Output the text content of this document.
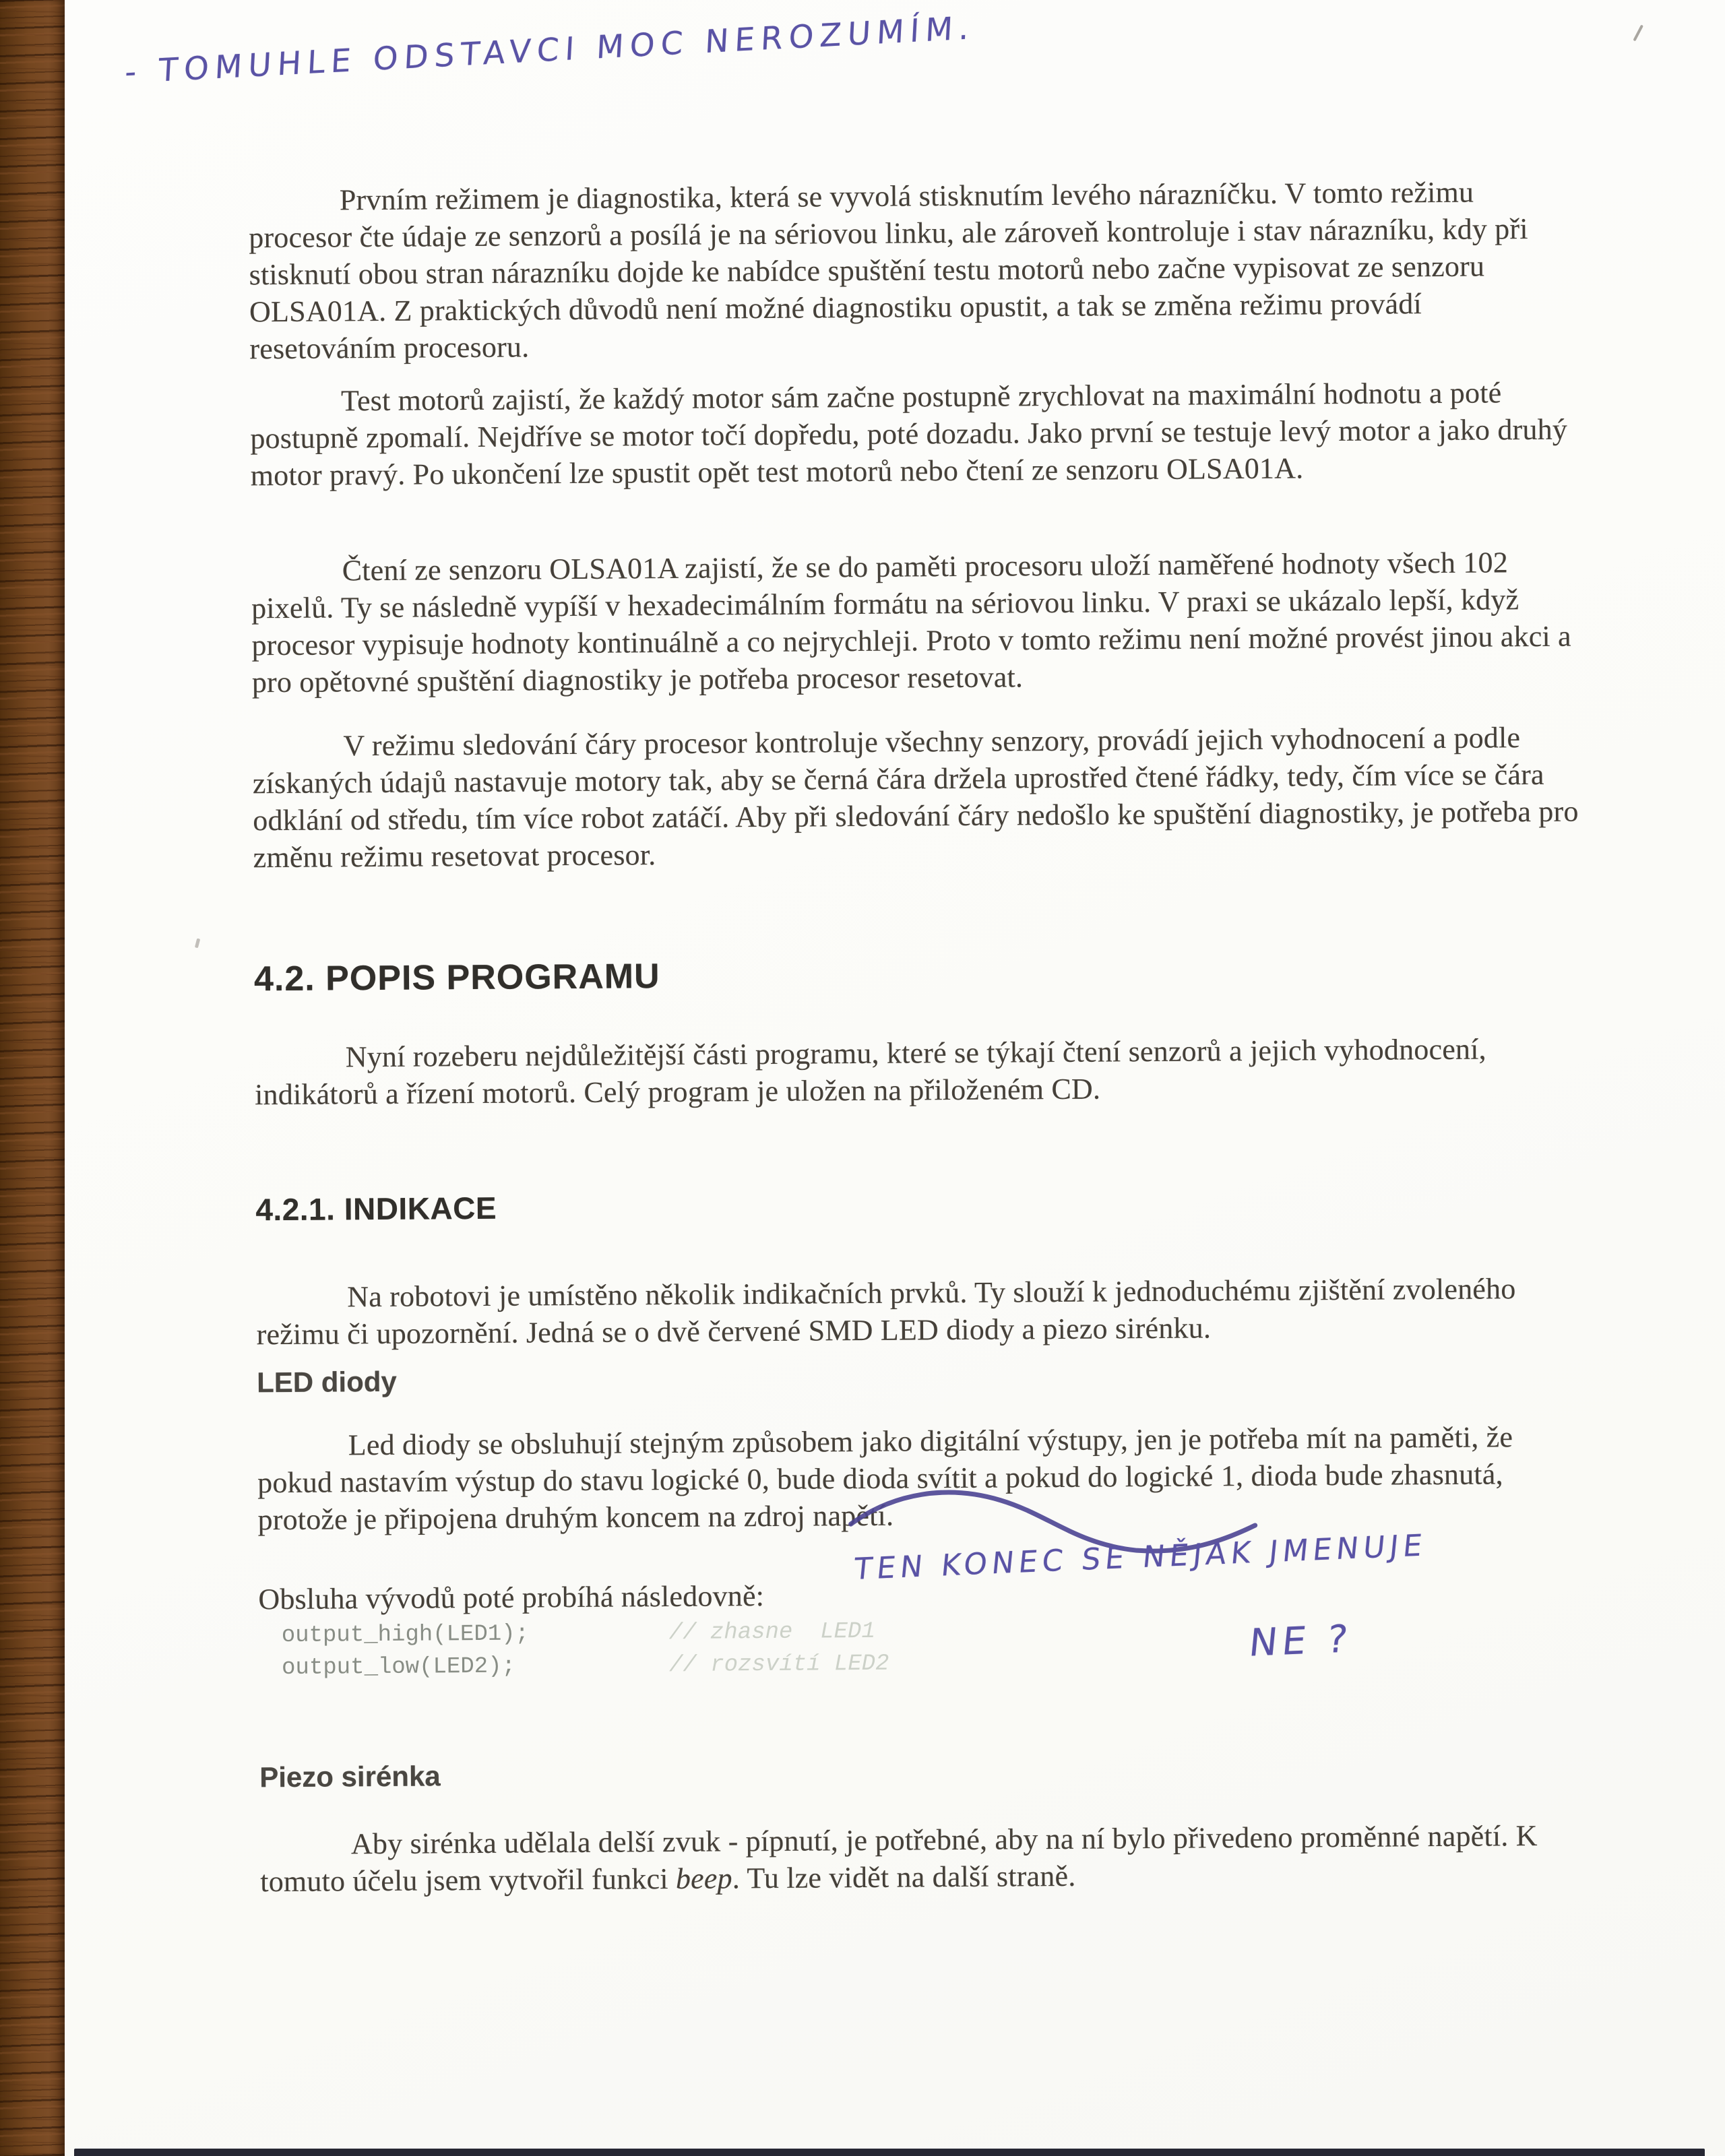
- TOMUHLE ODSTAVCI MOC NEROZUMÍM.

Prvním režimem je diagnostika, která se vyvolá stisknutím levého nárazníčku. V tomto režimu procesor čte údaje ze senzorů a posílá je na sériovou linku, ale zároveň kontroluje i stav nárazníku, kdy při stisknutí obou stran nárazníku dojde ke nabídce spuštění testu motorů nebo začne vypisovat ze senzoru OLSA01A. Z praktických důvodů není možné diagnostiku opustit, a tak se změna režimu provádí resetováním procesoru.

Test motorů zajistí, že každý motor sám začne postupně zrychlovat na maximální hodnotu a poté postupně zpomalí. Nejdříve se motor točí dopředu, poté dozadu. Jako první se testuje levý motor a jako druhý motor pravý. Po ukončení lze spustit opět test motorů nebo čtení ze senzoru OLSA01A.

Čtení ze senzoru OLSA01A zajistí, že se do paměti procesoru uloží naměřené hodnoty všech 102 pixelů. Ty se následně vypíší v hexadecimálním formátu na sériovou linku. V praxi se ukázalo lepší, když procesor vypisuje hodnoty kontinuálně a co nejrychleji. Proto v tomto režimu není možné provést jinou akci a pro opětovné spuštění diagnostiky je potřeba procesor resetovat.

V režimu sledování čáry procesor kontroluje všechny senzory, provádí jejich vyhodnocení a podle získaných údajů nastavuje motory tak, aby se černá čára držela uprostřed čtené řádky, tedy, čím více se čára odklání od středu, tím více robot zatáčí. Aby při sledování čáry nedošlo ke spuštění diagnostiky, je potřeba pro změnu režimu resetovat procesor.

4.2. POPIS PROGRAMU

Nyní rozeberu nejdůležitější části programu, které se týkají čtení senzorů a jejich vyhodnocení, indikátorů a řízení motorů. Celý program je uložen na přiloženém CD.

4.2.1. INDIKACE

Na robotovi je umístěno několik indikačních prvků. Ty slouží k jednoduchému zjištění zvoleného režimu či upozornění. Jedná se o dvě červené SMD LED diody a piezo sirénku.

LED diody

Led diody se obsluhují stejným způsobem jako digitální výstupy, jen je potřeba mít na paměti, že pokud nastavím výstup do stavu logické 0, bude dioda svítit a pokud do logické 1, dioda bude zhasnutá, protože je připojena druhým koncem na zdroj napětí.

Obsluha vývodů poté probíhá následovně:

TEN KONEC SE NĚJAK JMENUJE
NE ?
output_high(LED1);	// zhasne  LED1
output_low(LED2);	// rozsvítí LED2
Piezo sirénka

Aby sirénka udělala delší zvuk - pípnutí, je potřebné, aby na ní bylo přivedeno proměnné napětí. K tomuto účelu jsem vytvořil funkci beep. Tu lze vidět na další straně.
